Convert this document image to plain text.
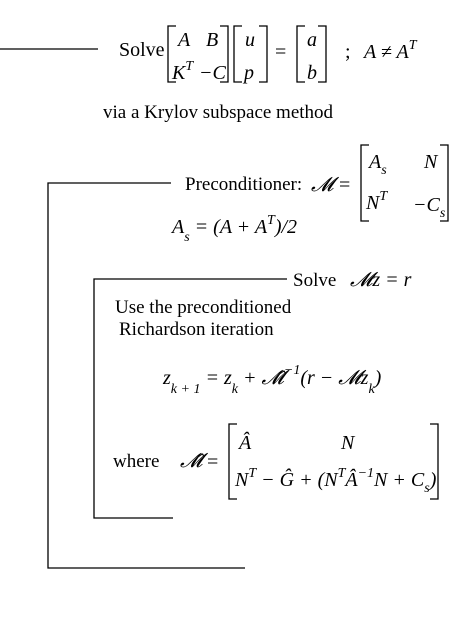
Solve A B
$K^T -C$
u
p
=
a
b
; $A \ne A^T$
via a Krylov subspace method
Preconditioner: 𝓜 =
$A_s$ N
$N^T -C_s$
$A_s = (A + A^T)/2$
Solve 𝓜z = r
Use the preconditioned
Richardson iteration
$z_{k + 1} = z_k$ + 𝓜̂$^{-1}$(r − 𝓜z$_k$)
where 𝓜̂ =
Â	N
$N^T$ − Ĝ + $(N^TÂ^{-1}N + C_s)$
